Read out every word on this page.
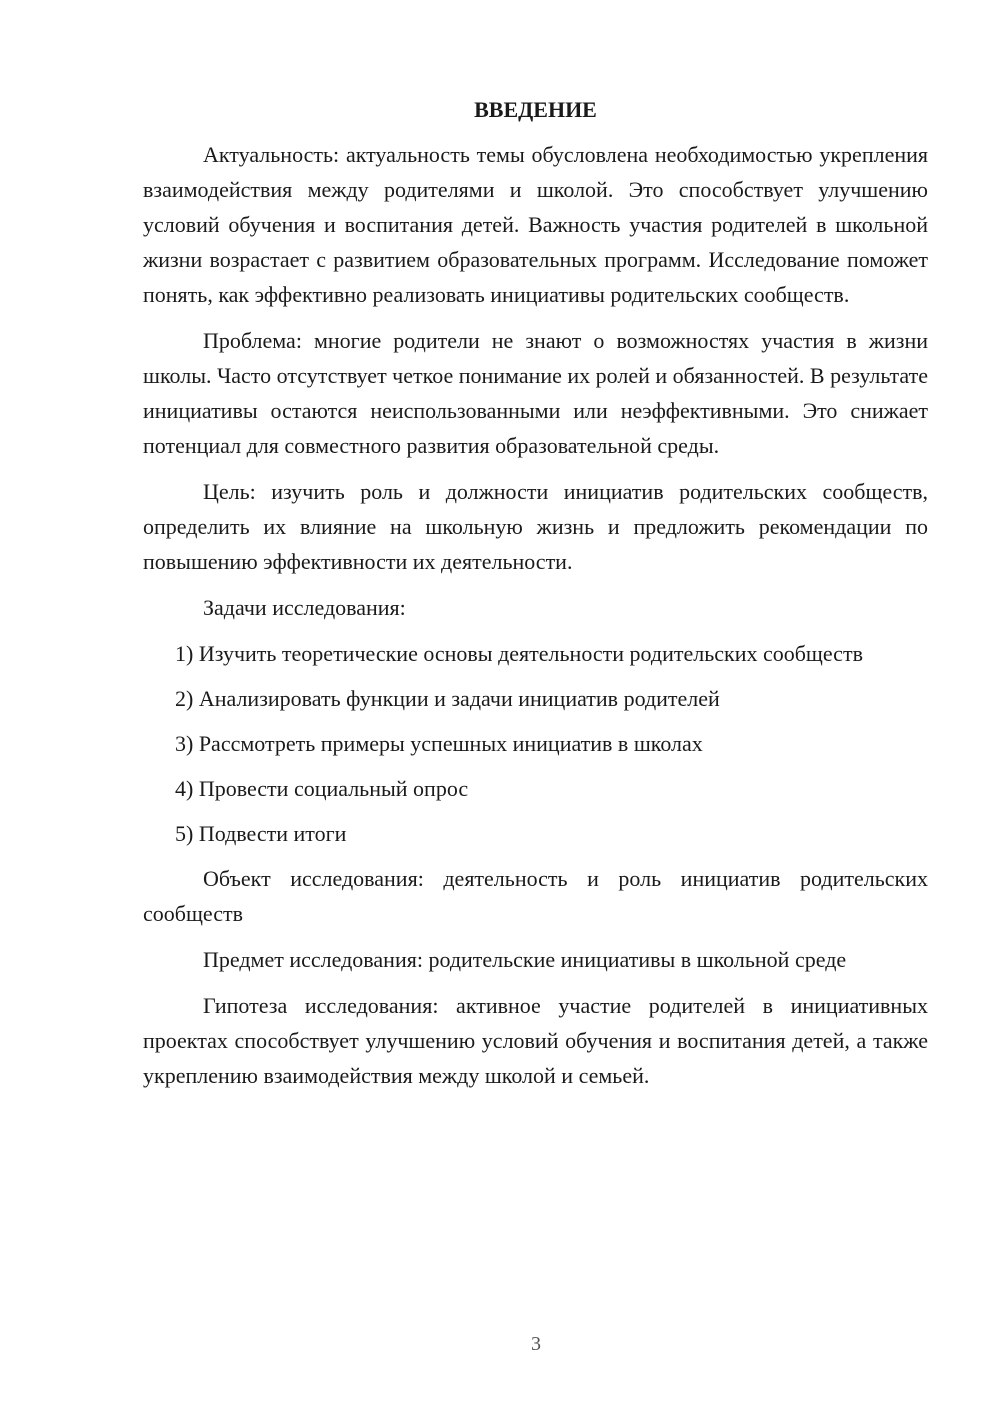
ВВЕДЕНИЕ

Актуальность: актуальность темы обусловлена необходимостью укрепления взаимодействия между родителями и школой. Это способствует улучшению условий обучения и воспитания детей. Важность участия родителей в школьной жизни возрастает с развитием образовательных программ. Исследование поможет понять, как эффективно реализовать инициативы родительских сообществ.

Проблема: многие родители не знают о возможностях участия в жизни школы. Часто отсутствует четкое понимание их ролей и обязанностей. В результате инициативы остаются неиспользованными или неэффективными. Это снижает потенциал для совместного развития образовательной среды.

Цель: изучить роль и должности инициатив родительских сообществ, определить их влияние на школьную жизнь и предложить рекомендации по повышению эффективности их деятельности.

Задачи исследования:

1) Изучить теоретические основы деятельности родительских сообществ

2) Анализировать функции и задачи инициатив родителей

3) Рассмотреть примеры успешных инициатив в школах

4) Провести социальный опрос

5) Подвести итоги

Объект исследования: деятельность и роль инициатив родительских сообществ

Предмет исследования: родительские инициативы в школьной среде

Гипотеза исследования: активное участие родителей в инициативных проектах способствует улучшению условий обучения и воспитания детей, а также укреплению взаимодействия между школой и семьей.

3
